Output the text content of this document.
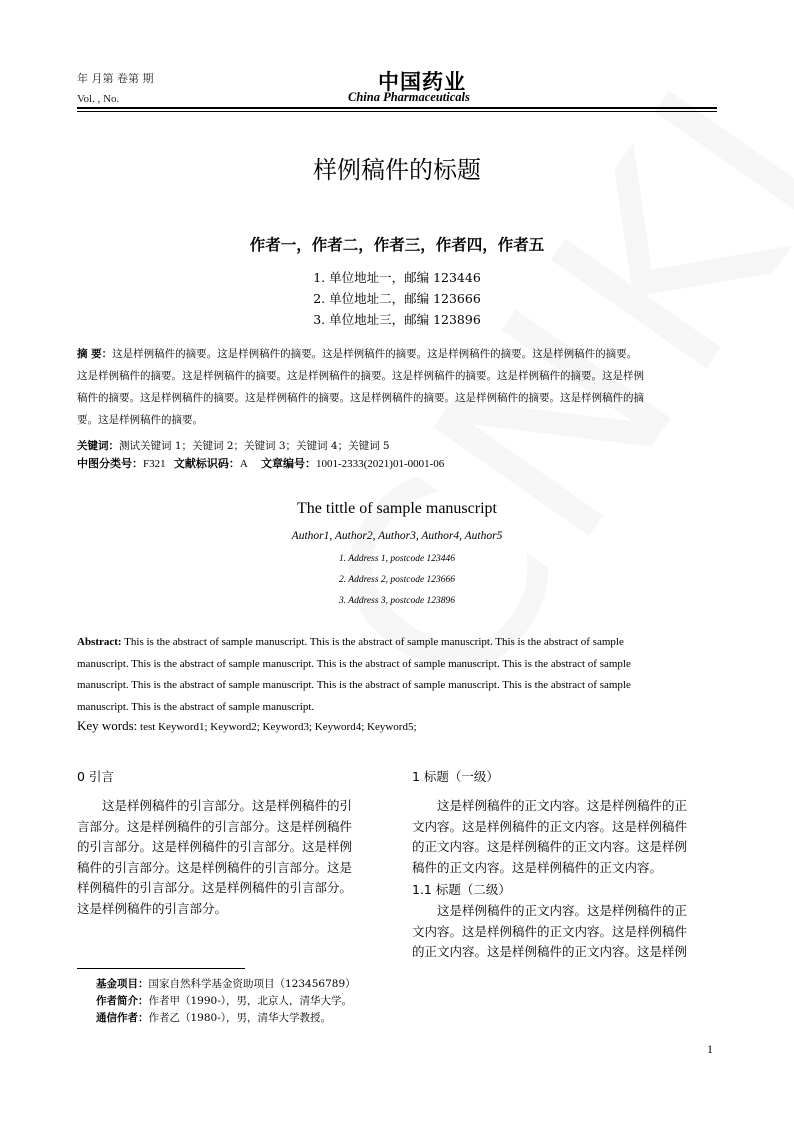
年 月第 卷第 期
Vol. , No.
中国药业
China Pharmaceuticals
样例稿件的标题
作者一，作者二，作者三，作者四，作者五
1. 单位地址一，邮编 123446
2. 单位地址二，邮编 123666
3. 单位地址三，邮编 123896
摘 要：这是样例稿件的摘要。这是样例稿件的摘要。这是样例稿件的摘要。这是样例稿件的摘要。这是样例稿件的摘要。
这是样例稿件的摘要。这是样例稿件的摘要。这是样例稿件的摘要。这是样例稿件的摘要。这是样例稿件的摘要。这是样例
稿件的摘要。这是样例稿件的摘要。这是样例稿件的摘要。这是样例稿件的摘要。这是样例稿件的摘要。这是样例稿件的摘
要。这是样例稿件的摘要。
关键词：测试关键词 1；关键词 2；关键词 3；关键词 4；关键词 5
中图分类号：F321 文献标识码：A 文章编号：1001-2333(2021)01-0001-06
The tittle of sample manuscript
Author1, Author2, Author3, Author4, Author5
1. Address 1, postcode 123446
2. Address 2, postcode 123666
3. Address 3, postcode 123896
Abstract: This is the abstract of sample manuscript. This is the abstract of sample manuscript. This is the abstract of sample
manuscript. This is the abstract of sample manuscript. This is the abstract of sample manuscript. This is the abstract of sample
manuscript. This is the abstract of sample manuscript. This is the abstract of sample manuscript. This is the abstract of sample
manuscript. This is the abstract of sample manuscript.
Key words: test Keyword1; Keyword2; Keyword3; Keyword4; Keyword5;
0 引言

这是样例稿件的引言部分。这是样例稿件的引

言部分。这是样例稿件的引言部分。这是样例稿件
的引言部分。这是样例稿件的引言部分。这是样例
稿件的引言部分。这是样例稿件的引言部分。这是
样例稿件的引言部分。这是样例稿件的引言部分。
这是样例稿件的引言部分。
1 标题（一级）

这是样例稿件的正文内容。这是样例稿件的正

文内容。这是样例稿件的正文内容。这是样例稿件
的正文内容。这是样例稿件的正文内容。这是样例
稿件的正文内容。这是样例稿件的正文内容。
1.1 标题（二级）

这是样例稿件的正文内容。这是样例稿件的正

文内容。这是样例稿件的正文内容。这是样例稿件
的正文内容。这是样例稿件的正文内容。这是样例
基金项目：国家自然科学基金资助项目（123456789）
作者简介：作者甲（1990-），男，北京人，清华大学。
通信作者：作者乙（1980-），男，清华大学教授。
1
